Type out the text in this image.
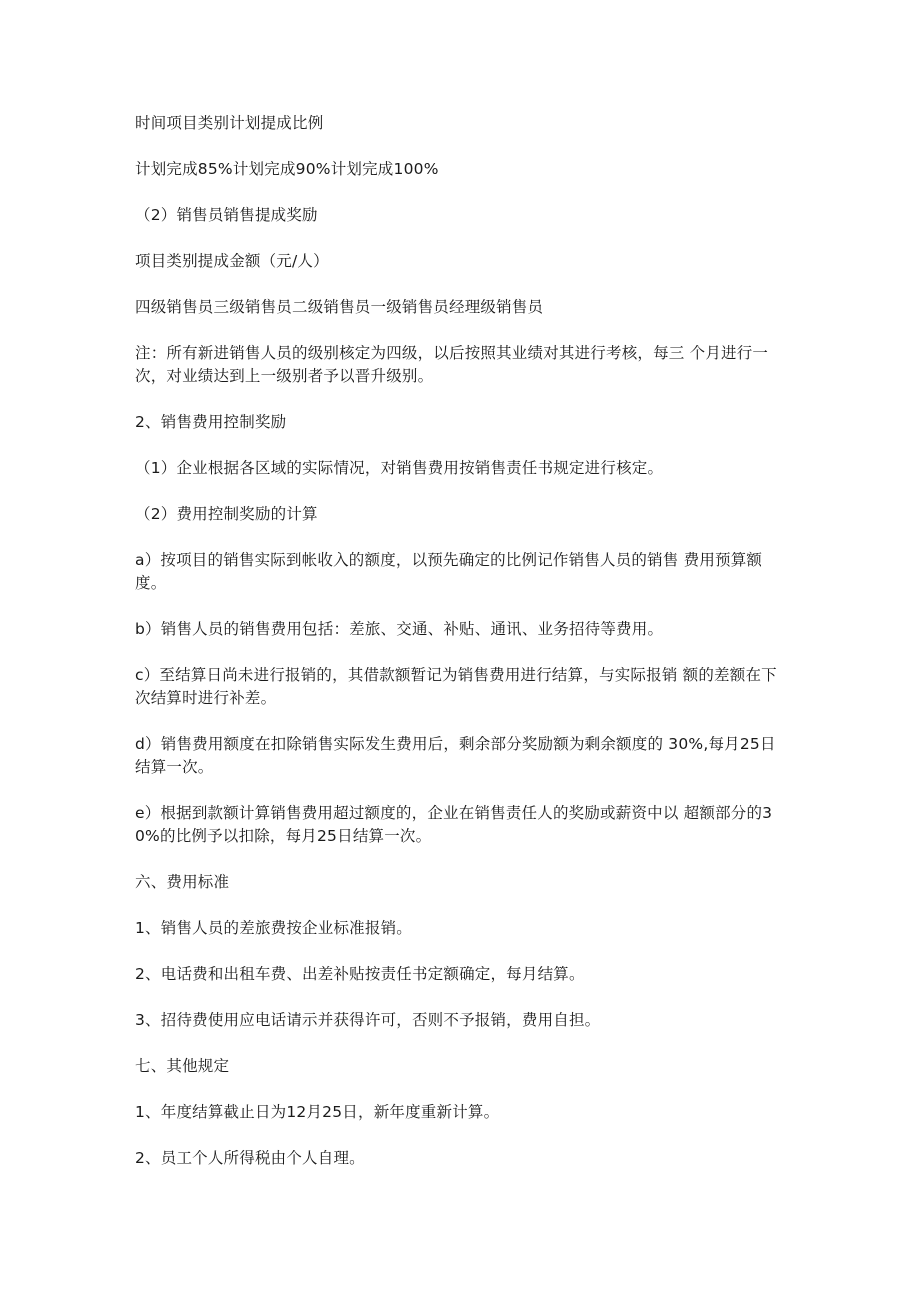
时间项目类别计划提成比例

计划完成85%计划完成90%计划完成100%

（2）销售员销售提成奖励

项目类别提成金额（元/人）

四级销售员三级销售员二级销售员一级销售员经理级销售员

注：所有新进销售人员的级别核定为四级，以后按照其业绩对其进行考核，每三 个月进行一次，对业绩达到上一级别者予以晋升级别。

2、销售费用控制奖励

（1）企业根据各区域的实际情况，对销售费用按销售责任书规定进行核定。

（2）费用控制奖励的计算

a）按项目的销售实际到帐收入的额度，以预先确定的比例记作销售人员的销售 费用预算额度。

b）销售人员的销售费用包括：差旅、交通、补贴、通讯、业务招待等费用。

c）至结算日尚未进行报销的，其借款额暂记为销售费用进行结算，与实际报销 额的差额在下次结算时进行补差。

d）销售费用额度在扣除销售实际发生费用后，剩余部分奖励额为剩余额度的 30%,每月25日结算一次。

e）根据到款额计算销售费用超过额度的，企业在销售责任人的奖励或薪资中以 超额部分的30%的比例予以扣除，每月25日结算一次。

六、费用标准

1、销售人员的差旅费按企业标准报销。

2、电话费和出租车费、出差补贴按责任书定额确定，每月结算。

3、招待费使用应电话请示并获得许可，否则不予报销，费用自担。

七、其他规定

1、年度结算截止日为12月25日，新年度重新计算。

2、员工个人所得税由个人自理。
